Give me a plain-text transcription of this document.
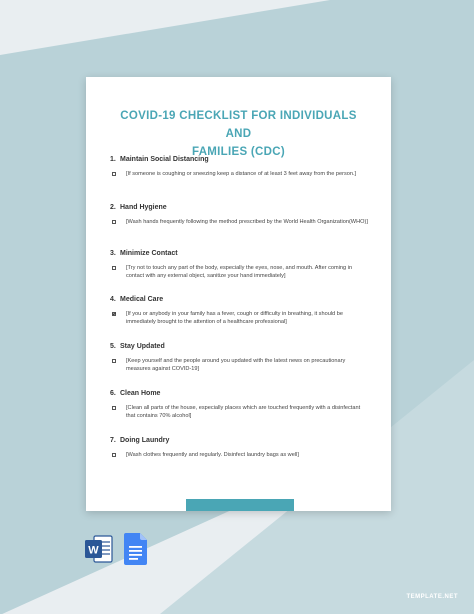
COVID-19 CHECKLIST FOR INDIVIDUALS AND
FAMILIES (CDC)
1. Maintain Social Distancing
[If someone is coughing or sneezing keep a distance of at least 3 feet away from the person.]
2. Hand Hygiene
[Wash hands frequently following the method prescribed by the World Health Organization(WHO)]
3. Minimize Contact
[Try not to touch any part of the body, especially the eyes, nose, and mouth. After coming in contact with any external object, sanitize your hand immediately]
4. Medical Care
[If you or anybody in your family has a fever, cough or difficulty in breathing, it should be immediately brought to the attention of a healthcare professional]
5. Stay Updated
[Keep yourself and the people around you updated with the latest news on precautionary measures against COVID-19]
6. Clean Home
[Clean all parts of the house, especially places which are touched frequently with a disinfectant that contains 70% alcohol]
7. Doing Laundry
[Wash clothes frequently and regularly. Disinfect laundry bags as well]
W
TEMPLATE.NET
